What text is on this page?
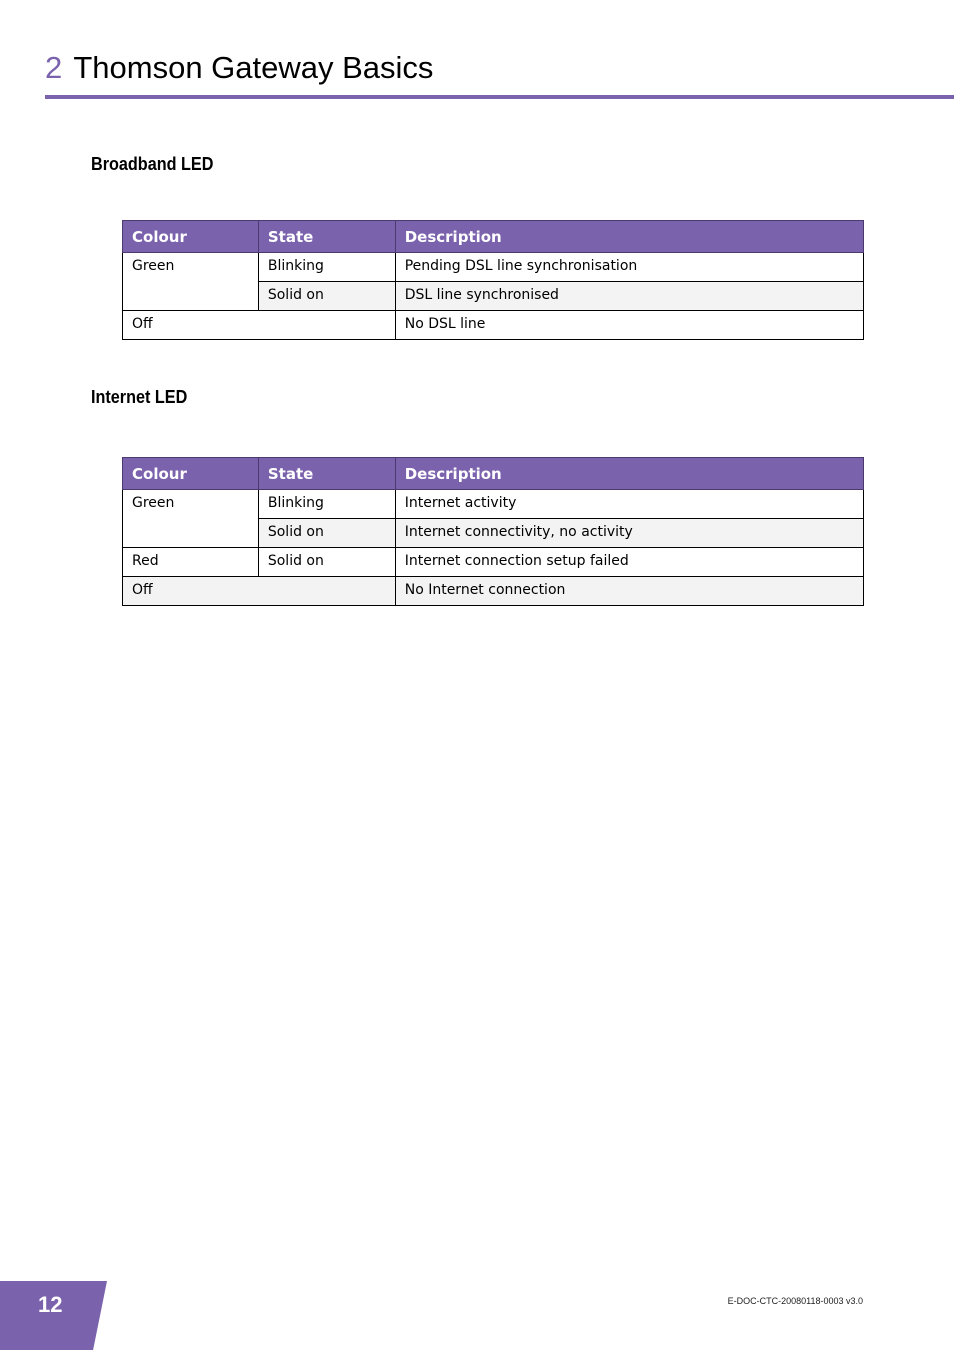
2 Thomson Gateway Basics
Broadband LED
Colour	State	Description
Green	Blinking	Pending DSL line synchronisation
	Solid on	DSL line synchronised
Off		No DSL line
Internet LED
Colour	State	Description
Green	Blinking	Internet activity
	Solid on	Internet connectivity, no activity
Red	Solid on	Internet connection setup failed
Off		No Internet connection
12	E-DOC-CTC-20080118-0003 v3.0
